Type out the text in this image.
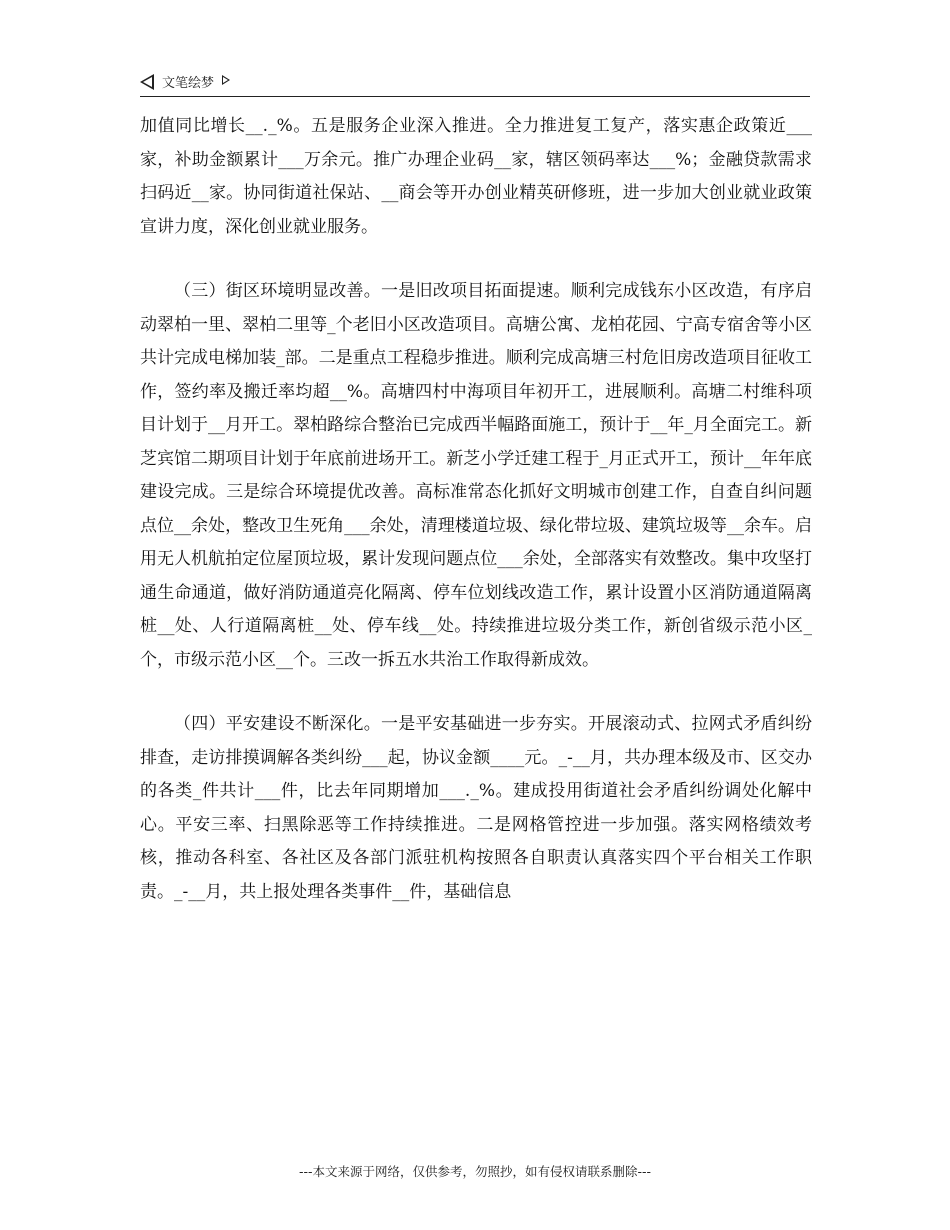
文笔绘梦

加值同比增长__._%。五是服务企业深入推进。全力推进复工复产，落实惠企政策近___家，补助金额累计___万余元。推广办理企业码__家，辖区领码率达___%；金融贷款需求扫码近__家。协同街道社保站、__商会等开办创业精英研修班，进一步加大创业就业政策宣讲力度，深化创业就业服务。

（三）街区环境明显改善。一是旧改项目拓面提速。顺利完成钱东小区改造，有序启动翠柏一里、翠柏二里等_个老旧小区改造项目。高塘公寓、龙柏花园、宁高专宿舍等小区共计完成电梯加装_部。二是重点工程稳步推进。顺利完成高塘三村危旧房改造项目征收工作，签约率及搬迁率均超__%。高塘四村中海项目年初开工，进展顺利。高塘二村维科项目计划于__月开工。翠柏路综合整治已完成西半幅路面施工，预计于__年_月全面完工。新芝宾馆二期项目计划于年底前进场开工。新芝小学迁建工程于_月正式开工，预计__年年底建设完成。三是综合环境提优改善。高标准常态化抓好文明城市创建工作，自查自纠问题点位__余处，整改卫生死角___余处，清理楼道垃圾、绿化带垃圾、建筑垃圾等__余车。启用无人机航拍定位屋顶垃圾，累计发现问题点位___余处，全部落实有效整改。集中攻坚打通生命通道，做好消防通道亮化隔离、停车位划线改造工作，累计设置小区消防通道隔离桩__处、人行道隔离桩__处、停车线__处。持续推进垃圾分类工作，新创省级示范小区_个，市级示范小区__个。三改一拆五水共治工作取得新成效。

（四）平安建设不断深化。一是平安基础进一步夯实。开展滚动式、拉网式矛盾纠纷排查，走访排摸调解各类纠纷___起，协议金额____元。_-__月，共办理本级及市、区交办的各类_件共计___件，比去年同期增加___._%。建成投用街道社会矛盾纠纷调处化解中心。平安三率、扫黑除恶等工作持续推进。二是网格管控进一步加强。落实网格绩效考核，推动各科室、各社区及各部门派驻机构按照各自职责认真落实四个平台相关工作职责。_-__月，共上报处理各类事件__件，基础信息

---本文来源于网络，仅供参考，勿照抄，如有侵权请联系删除---
